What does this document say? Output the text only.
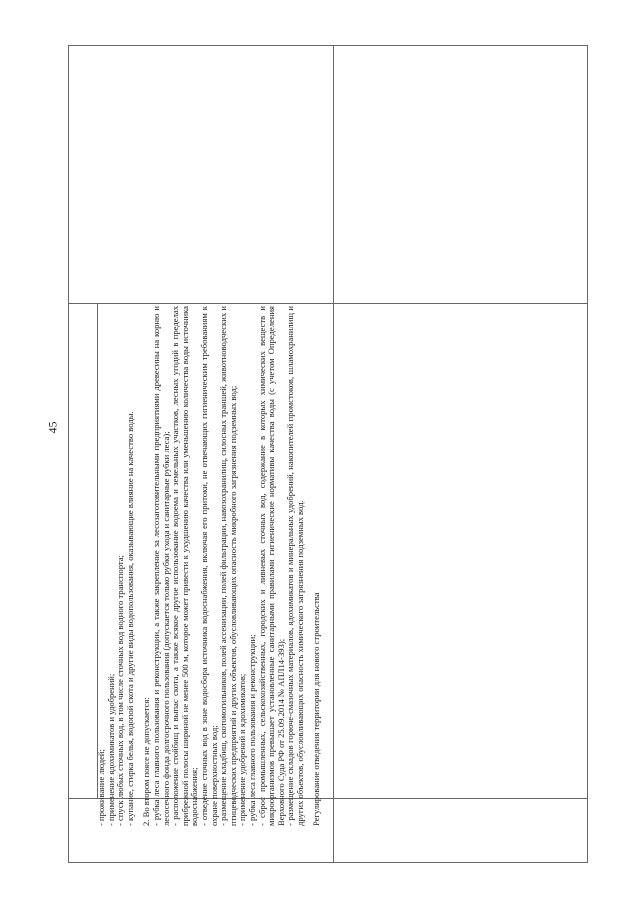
45

- проживание людей; - применение ядохимикатов и удобрений; - спуск любых сточных вод, в том числе сточных вод водного транспорта; - купание, стирка белья, водопой скота и другие виды водопользования, оказывающие влияние на качество воды. 2. Во втором поясе не допускается: - рубка леса главного пользования и реконструкции, а также закрепление за лесозаготовительными предприятиями древесины на корню и лесосечного фонда долгосрочного пользования (допускается только рубки ухода и санитарные рубки леса); - расположение стойбищ и выпас скота, а также всякое другое использование водоема и земельных участков, лесных угодий в пределах прибрежной полосы шириной не менее 500 м, которое может привести к ухудшению качества или уменьшению количества воды источника водоснабжения; - отведение сточных вод в зоне водосбора источника водоснабжения, включая его притоки, не отвечающих гигиеническим требованиям к охране поверхностных вод; - размещение кладбищ, скотомогильников, полей ассенизации, полей фильтрации, навозохранилищ, силосных траншей, животноводческих и птицеводческих предприятий и других объектов, обусловливающих опасность микробного загрязнения подземных вод; - применение удобрений и ядохимикатов; - рубка леса главного пользования и реконструкции; - сброс промышленных, сельскохозяйственных, городских и ливневых сточных вод, содержание в которых химических веществ и микроорганизмов превышает установленные санитарными правилами гигиенические нормативы качества воды (с учетом Определения Верховного Суда РФ от 25.09.2014 № АПЛ14-393); - размещение складов горюче-смазочных материалов, ядохимикатов и минеральных удобрений, накопителей промстоков, шламохранилищ и других объектов, обусловливающих опасность химического загрязнения подземных вод. Регулирование отведения территории для нового строительства
